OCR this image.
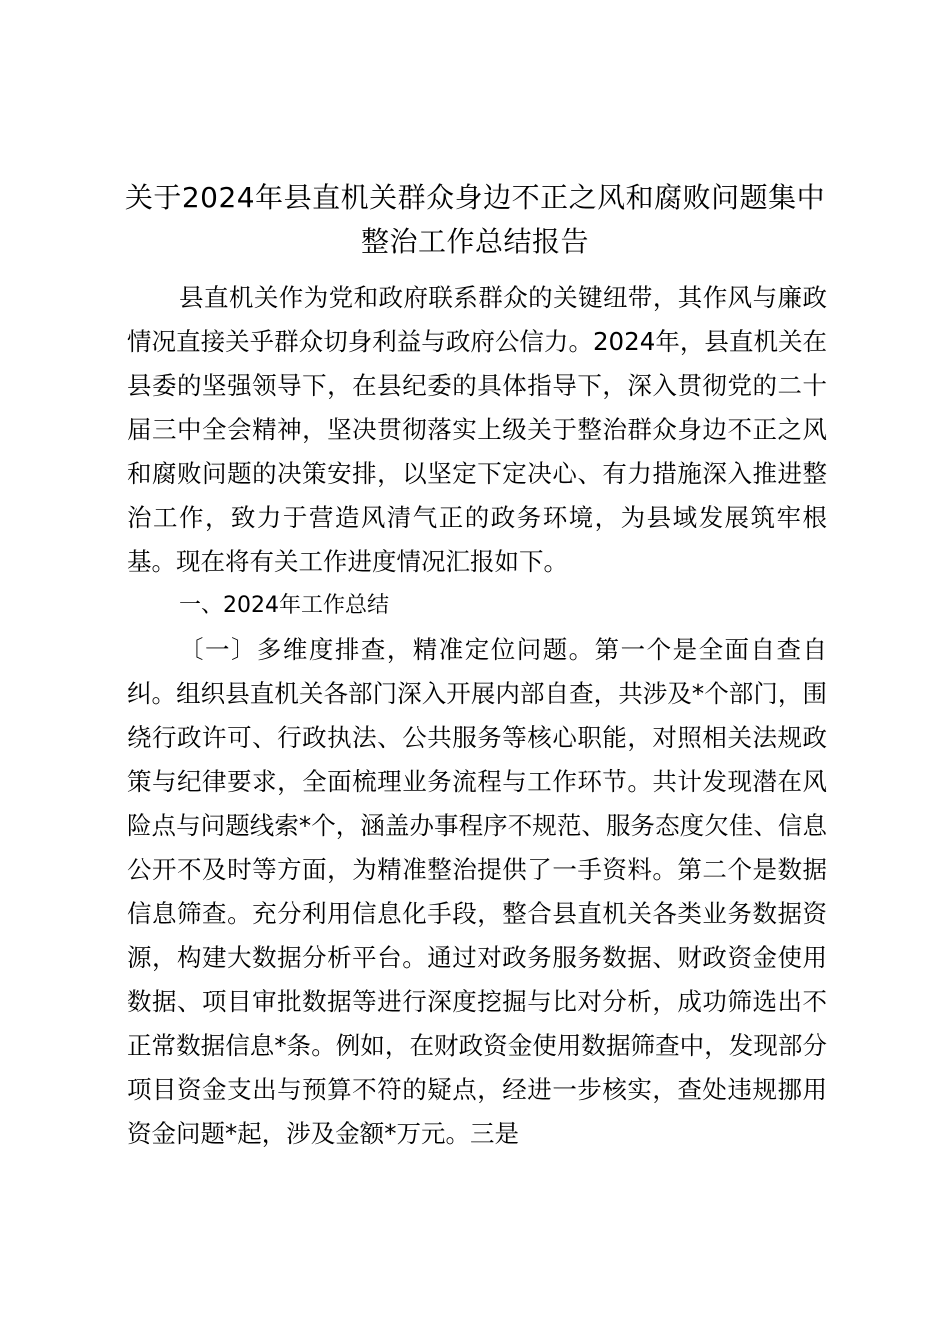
关于2024年县直机关群众身边不正之风和腐败问题集中整治工作总结报告

县直机关作为党和政府联系群众的关键纽带，其作风与廉政情况直接关乎群众切身利益与政府公信力。2024年，县直机关在县委的坚强领导下，在县纪委的具体指导下，深入贯彻党的二十届三中全会精神，坚决贯彻落实上级关于整治群众身边不正之风和腐败问题的决策安排，以坚定下定决心、有力措施深入推进整治工作，致力于营造风清气正的政务环境，为县域发展筑牢根基。现在将有关工作进度情况汇报如下。

一、2024年工作总结

〔一〕多维度排查，精准定位问题。第一个是全面自查自纠。组织县直机关各部门深入开展内部自查，共涉及*个部门，围绕行政许可、行政执法、公共服务等核心职能，对照相关法规政策与纪律要求，全面梳理业务流程与工作环节。共计发现潜在风险点与问题线索*个，涵盖办事程序不规范、服务态度欠佳、信息公开不及时等方面，为精准整治提供了一手资料。第二个是数据信息筛查。充分利用信息化手段，整合县直机关各类业务数据资源，构建大数据分析平台。通过对政务服务数据、财政资金使用数据、项目审批数据等进行深度挖掘与比对分析，成功筛选出不正常数据信息*条。例如，在财政资金使用数据筛查中，发现部分项目资金支出与预算不符的疑点，经进一步核实，查处违规挪用资金问题*起，涉及金额*万元。三是
